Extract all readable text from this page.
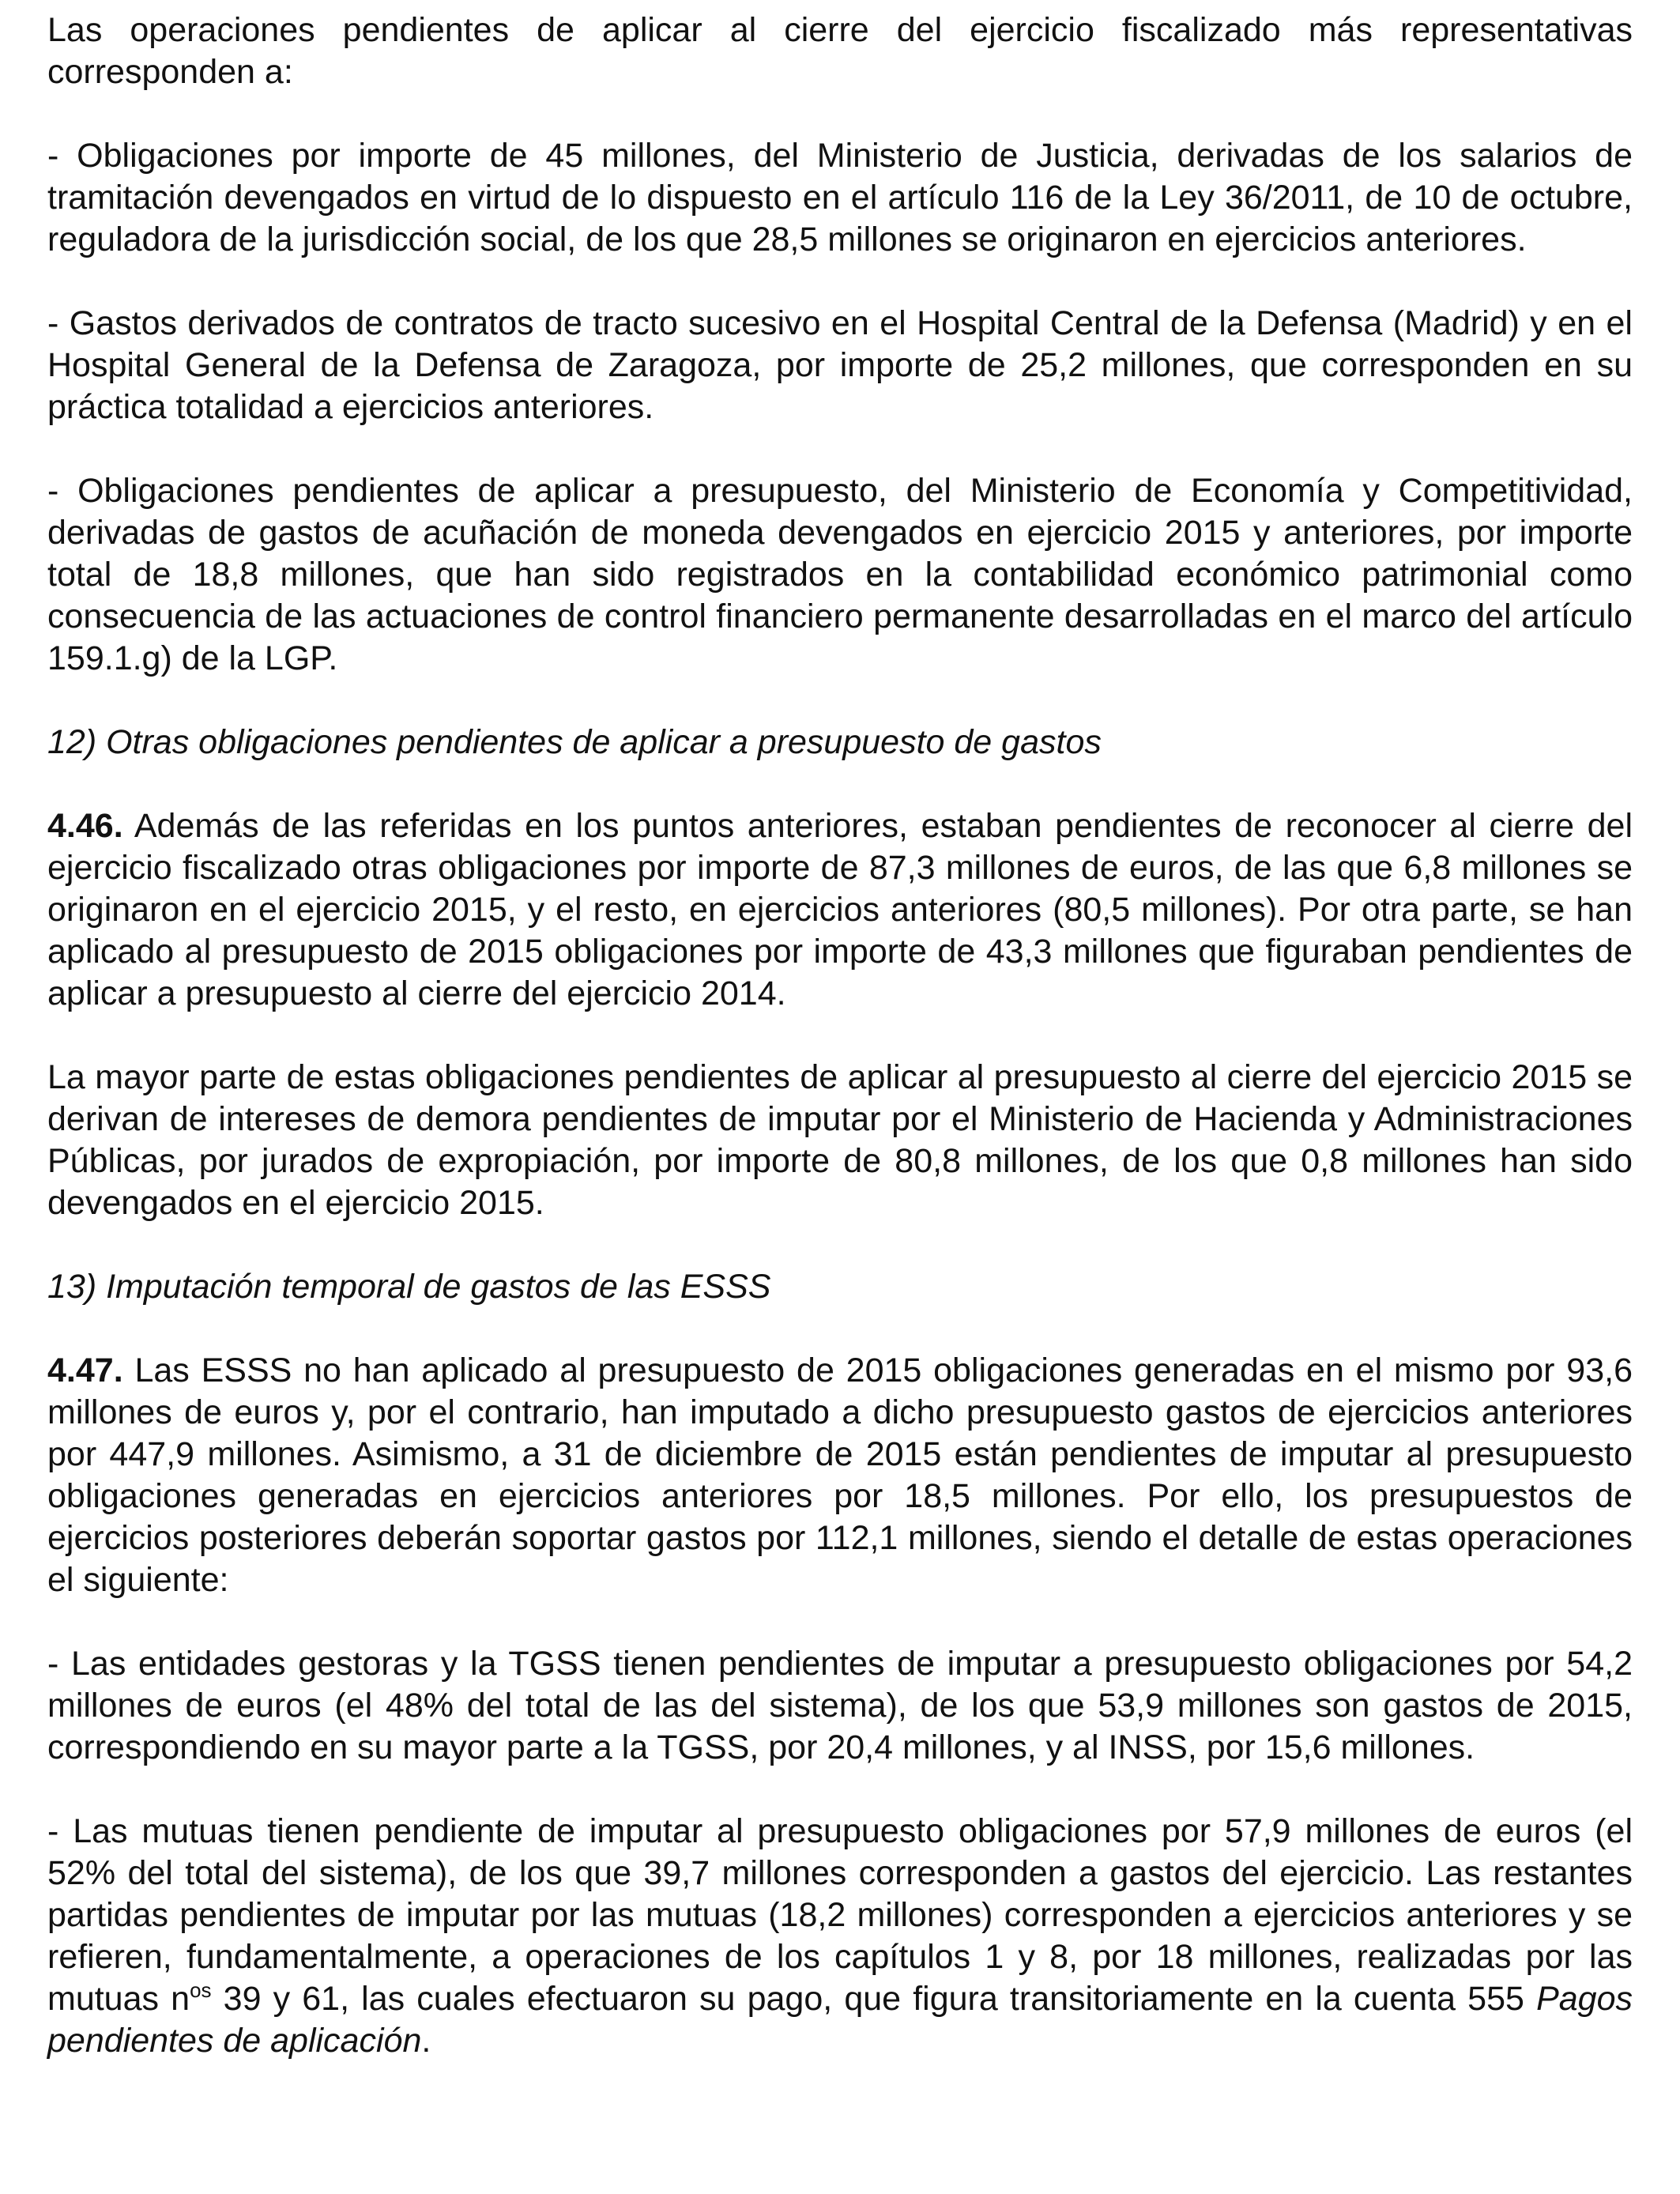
Las operaciones pendientes de aplicar al cierre del ejercicio fiscalizado más representativas corresponden a:

- Obligaciones por importe de 45 millones, del Ministerio de Justicia, derivadas de los salarios de tramitación devengados en virtud de lo dispuesto en el artículo 116 de la Ley 36/2011, de 10 de octubre, reguladora de la jurisdicción social, de los que 28,5 millones se originaron en ejercicios anteriores.

- Gastos derivados de contratos de tracto sucesivo en el Hospital Central de la Defensa (Madrid) y en el Hospital General de la Defensa de Zaragoza, por importe de 25,2 millones, que corresponden en su práctica totalidad a ejercicios anteriores.

- Obligaciones pendientes de aplicar a presupuesto, del Ministerio de Economía y Competitividad, derivadas de gastos de acuñación de moneda devengados en ejercicio 2015 y anteriores, por importe total de 18,8 millones, que han sido registrados en la contabilidad económico patrimonial como consecuencia de las actuaciones de control financiero permanente desarrolladas en el marco del artículo 159.1.g) de la LGP.

12) Otras obligaciones pendientes de aplicar a presupuesto de gastos

4.46. Además de las referidas en los puntos anteriores, estaban pendientes de reconocer al cierre del ejercicio fiscalizado otras obligaciones por importe de 87,3 millones de euros, de las que 6,8 millones se originaron en el ejercicio 2015, y el resto, en ejercicios anteriores (80,5 millones). Por otra parte, se han aplicado al presupuesto de 2015 obligaciones por importe de 43,3 millones que figuraban pendientes de aplicar a presupuesto al cierre del ejercicio 2014.

La mayor parte de estas obligaciones pendientes de aplicar al presupuesto al cierre del ejercicio 2015 se derivan de intereses de demora pendientes de imputar por el Ministerio de Hacienda y Administraciones Públicas, por jurados de expropiación, por importe de 80,8 millones, de los que 0,8 millones han sido devengados en el ejercicio 2015.

13) Imputación temporal de gastos de las ESSS

4.47. Las ESSS no han aplicado al presupuesto de 2015 obligaciones generadas en el mismo por 93,6 millones de euros y, por el contrario, han imputado a dicho presupuesto gastos de ejercicios anteriores por 447,9 millones. Asimismo, a 31 de diciembre de 2015 están pendientes de imputar al presupuesto obligaciones generadas en ejercicios anteriores por 18,5 millones. Por ello, los presupuestos de ejercicios posteriores deberán soportar gastos por 112,1 millones, siendo el detalle de estas operaciones el siguiente:

- Las entidades gestoras y la TGSS tienen pendientes de imputar a presupuesto obligaciones por 54,2 millones de euros (el 48% del total de las del sistema), de los que 53,9 millones son gastos de 2015, correspondiendo en su mayor parte a la TGSS, por 20,4 millones, y al INSS, por 15,6 millones.

- Las mutuas tienen pendiente de imputar al presupuesto obligaciones por 57,9 millones de euros (el 52% del total del sistema), de los que 39,7 millones corresponden a gastos del ejercicio. Las restantes partidas pendientes de imputar por las mutuas (18,2 millones) corresponden a ejercicios anteriores y se refieren, fundamentalmente, a operaciones de los capítulos 1 y 8, por 18 millones, realizadas por las mutuas $n^{os}$ 39 y 61, las cuales efectuaron su pago, que figura transitoriamente en la cuenta 555 Pagos pendientes de aplicación.
